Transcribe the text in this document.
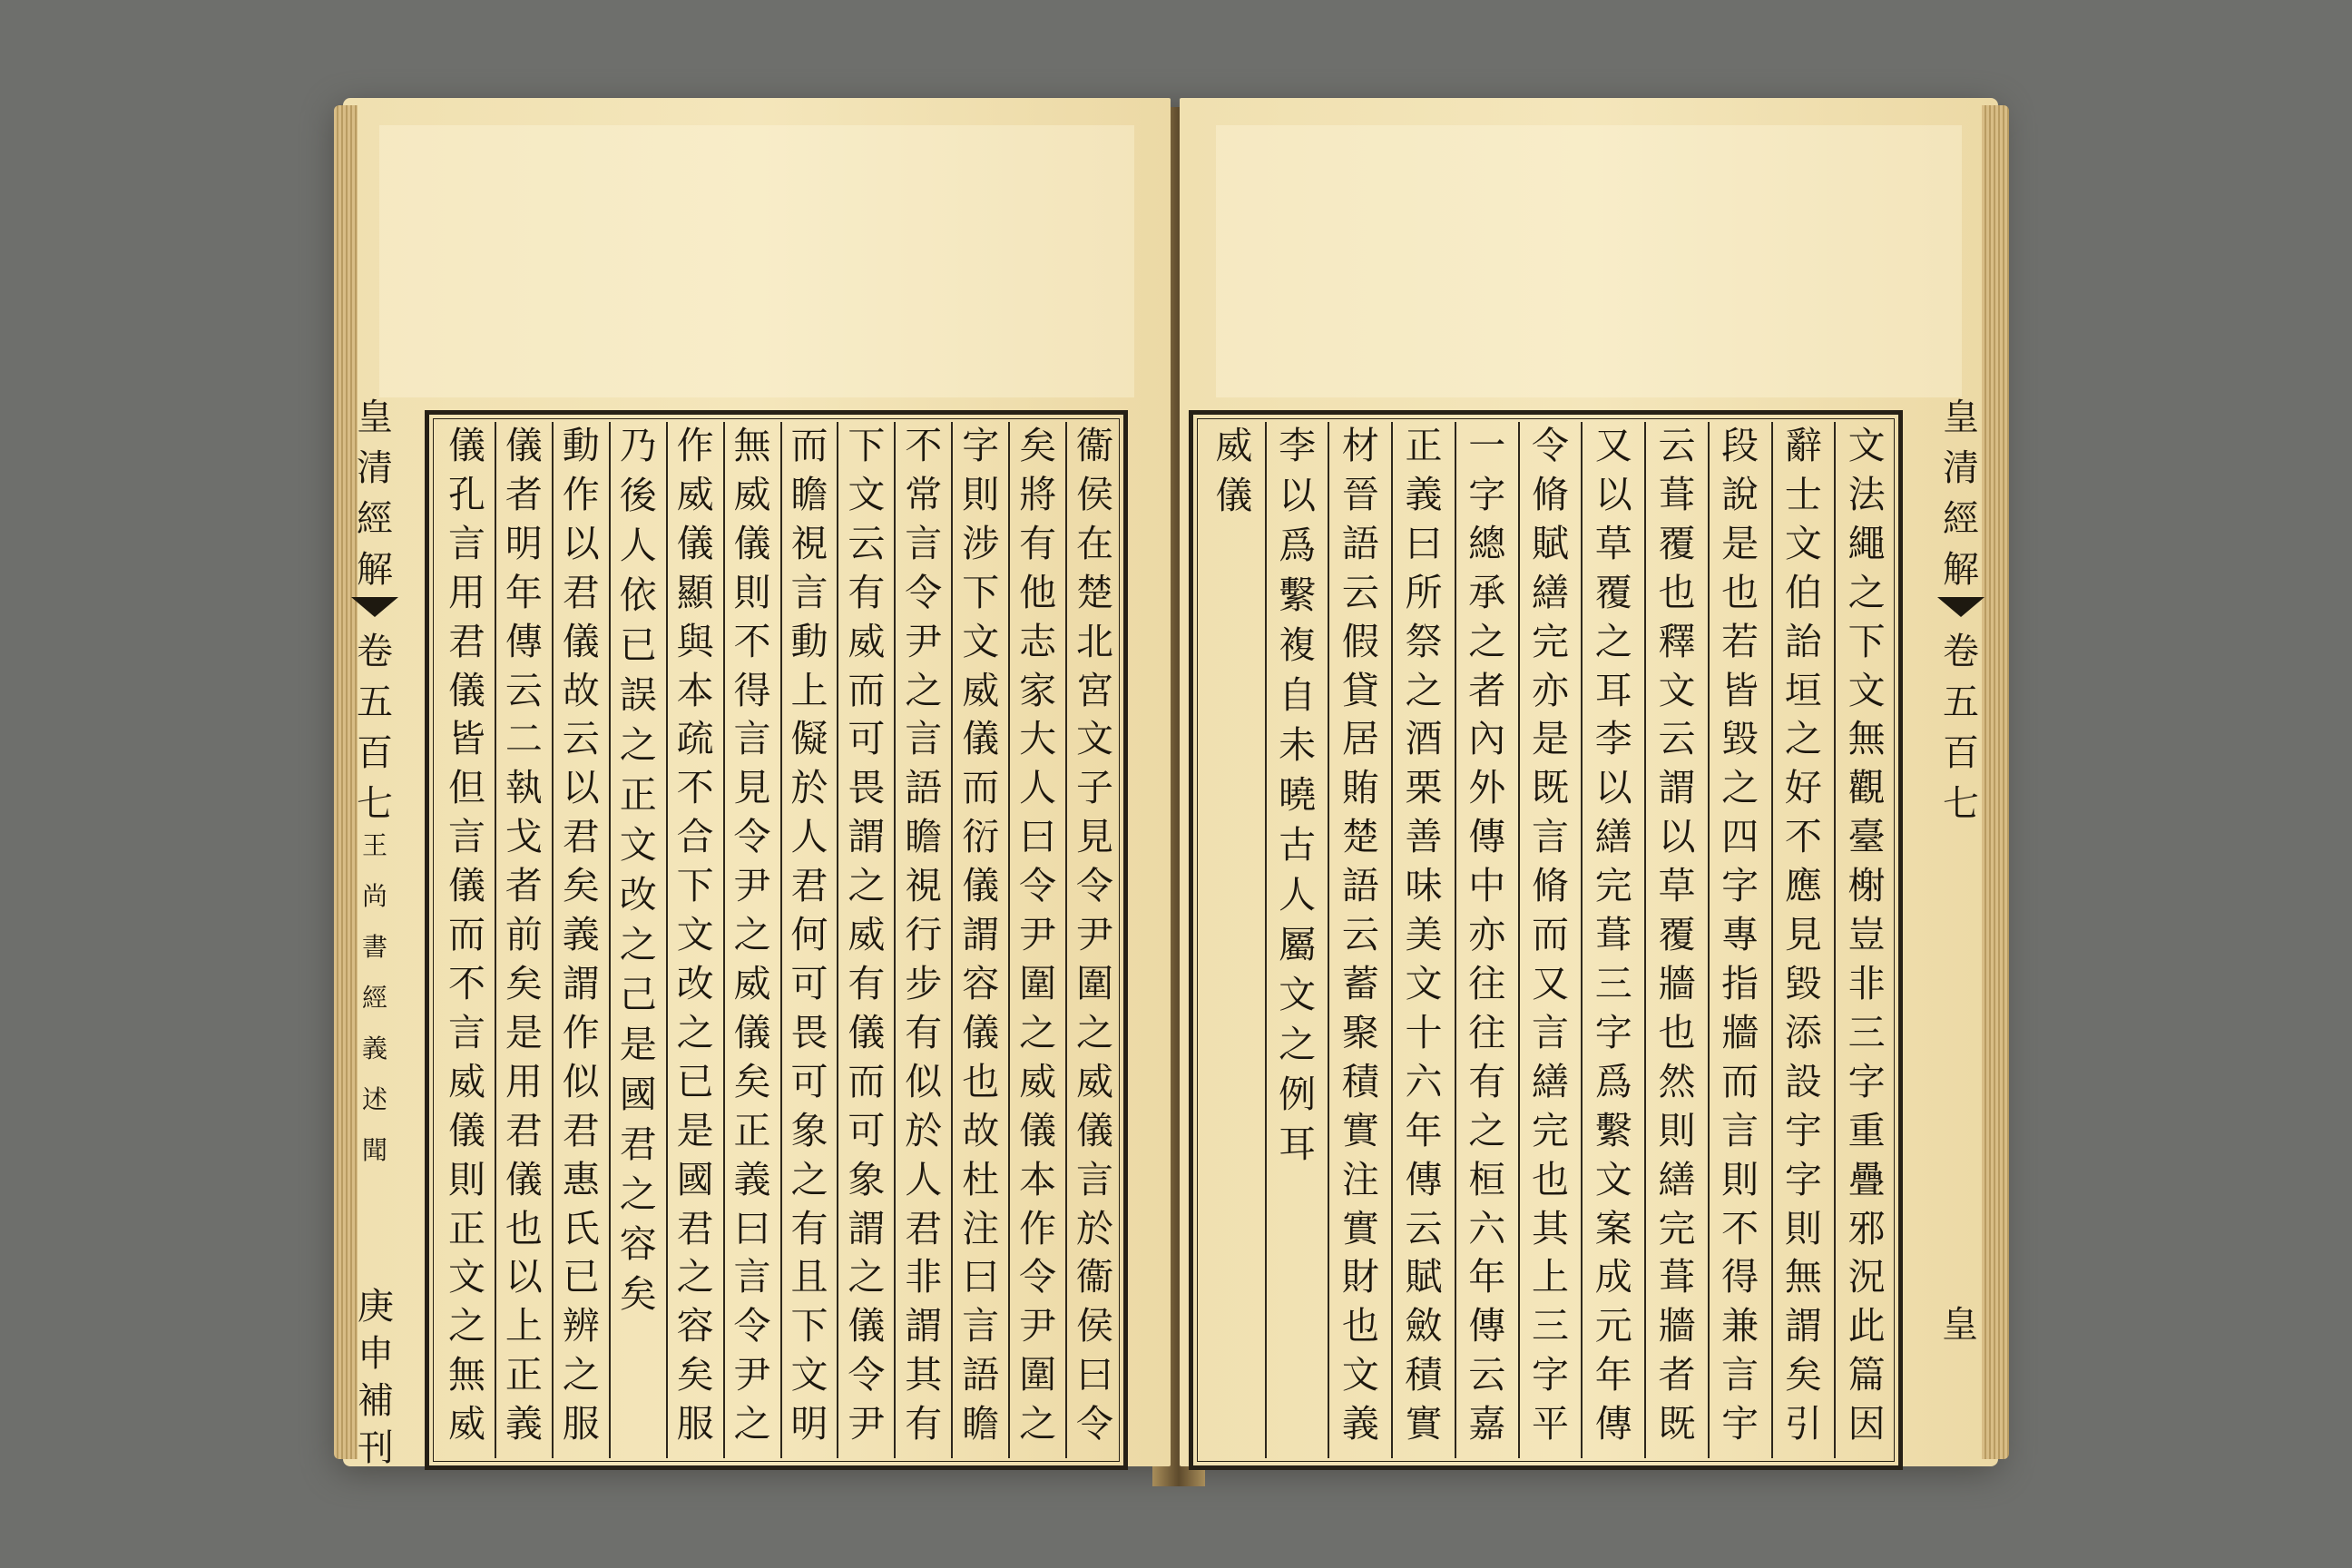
皇
清
經
解
卷
五
百
七
王
尚
書
經
義
述
聞
衞
侯
在
楚
北
宮
文
子
見
令
尹
圍
之
威
儀
言
於
衞
侯
曰
令
矣
將
有
他
志
家
大
人
曰
令
尹
圍
之
威
儀
本
作
令
尹
圍
之
字
則
涉
下
文
威
儀
而
衍
儀
謂
容
儀
也
故
杜
注
曰
言
語
瞻
不
常
言
令
尹
之
言
語
瞻
視
行
步
有
似
於
人
君
非
謂
其
有
下
文
云
有
威
而
可
畏
謂
之
威
有
儀
而
可
象
謂
之
儀
令
尹
而
瞻
視
言
動
上
儗
於
人
君
何
可
畏
可
象
之
有
且
下
文
明
無
威
儀
則
不
得
言
見
令
尹
之
威
儀
矣
正
義
曰
言
令
尹
之
作
威
儀
顯
與
本
疏
不
合
下
文
改
之
已
是
國
君
之
容
矣
服
乃
後
人
依
已
誤
之
正
文
改
之
己
是
國
君
之
容
矣
動
作
以
君
儀
故
云
以
君
矣
義
謂
作
似
君
惠
氏
已
辨
之
服
儀
者
明
年
傳
云
二
執
戈
者
前
矣
是
用
君
儀
也
以
上
正
義
儀
孔
言
用
君
儀
皆
但
言
儀
而
不
言
威
儀
則
正
文
之
無
威
庚
申
補
刊
文
法
繩
之
下
文
無
觀
臺
榭
豈
非
三
字
重
疊
邪
況
此
篇
因
辭
士
文
伯
詒
垣
之
好
不
應
見
毀
添
設
宇
字
則
無
謂
矣
引
段
說
是
也
若
皆
毀
之
四
字
專
指
牆
而
言
則
不
得
兼
言
宇
云
葺
覆
也
釋
文
云
謂
以
草
覆
牆
也
然
則
繕
完
葺
牆
者
既
又
以
草
覆
之
耳
李
以
繕
完
葺
三
字
爲
繫
文
案
成
元
年
傳
令
脩
賦
繕
完
亦
是
既
言
脩
而
又
言
繕
完
也
其
上
三
字
平
一
字
總
承
之
者
內
外
傳
中
亦
往
往
有
之
桓
六
年
傳
云
嘉
正
義
曰
所
祭
之
酒
栗
善
味
美
文
十
六
年
傳
云
賦
斂
積
實
材
晉
語
云
假
貸
居
賄
楚
語
云
蓄
聚
積
實
注
實
財
也
文
義
李
以
爲
繫
複
自
未
曉
古
人
屬
文
之
例
耳
威
儀
皇
清
經
解
卷
五
百
七
皇
